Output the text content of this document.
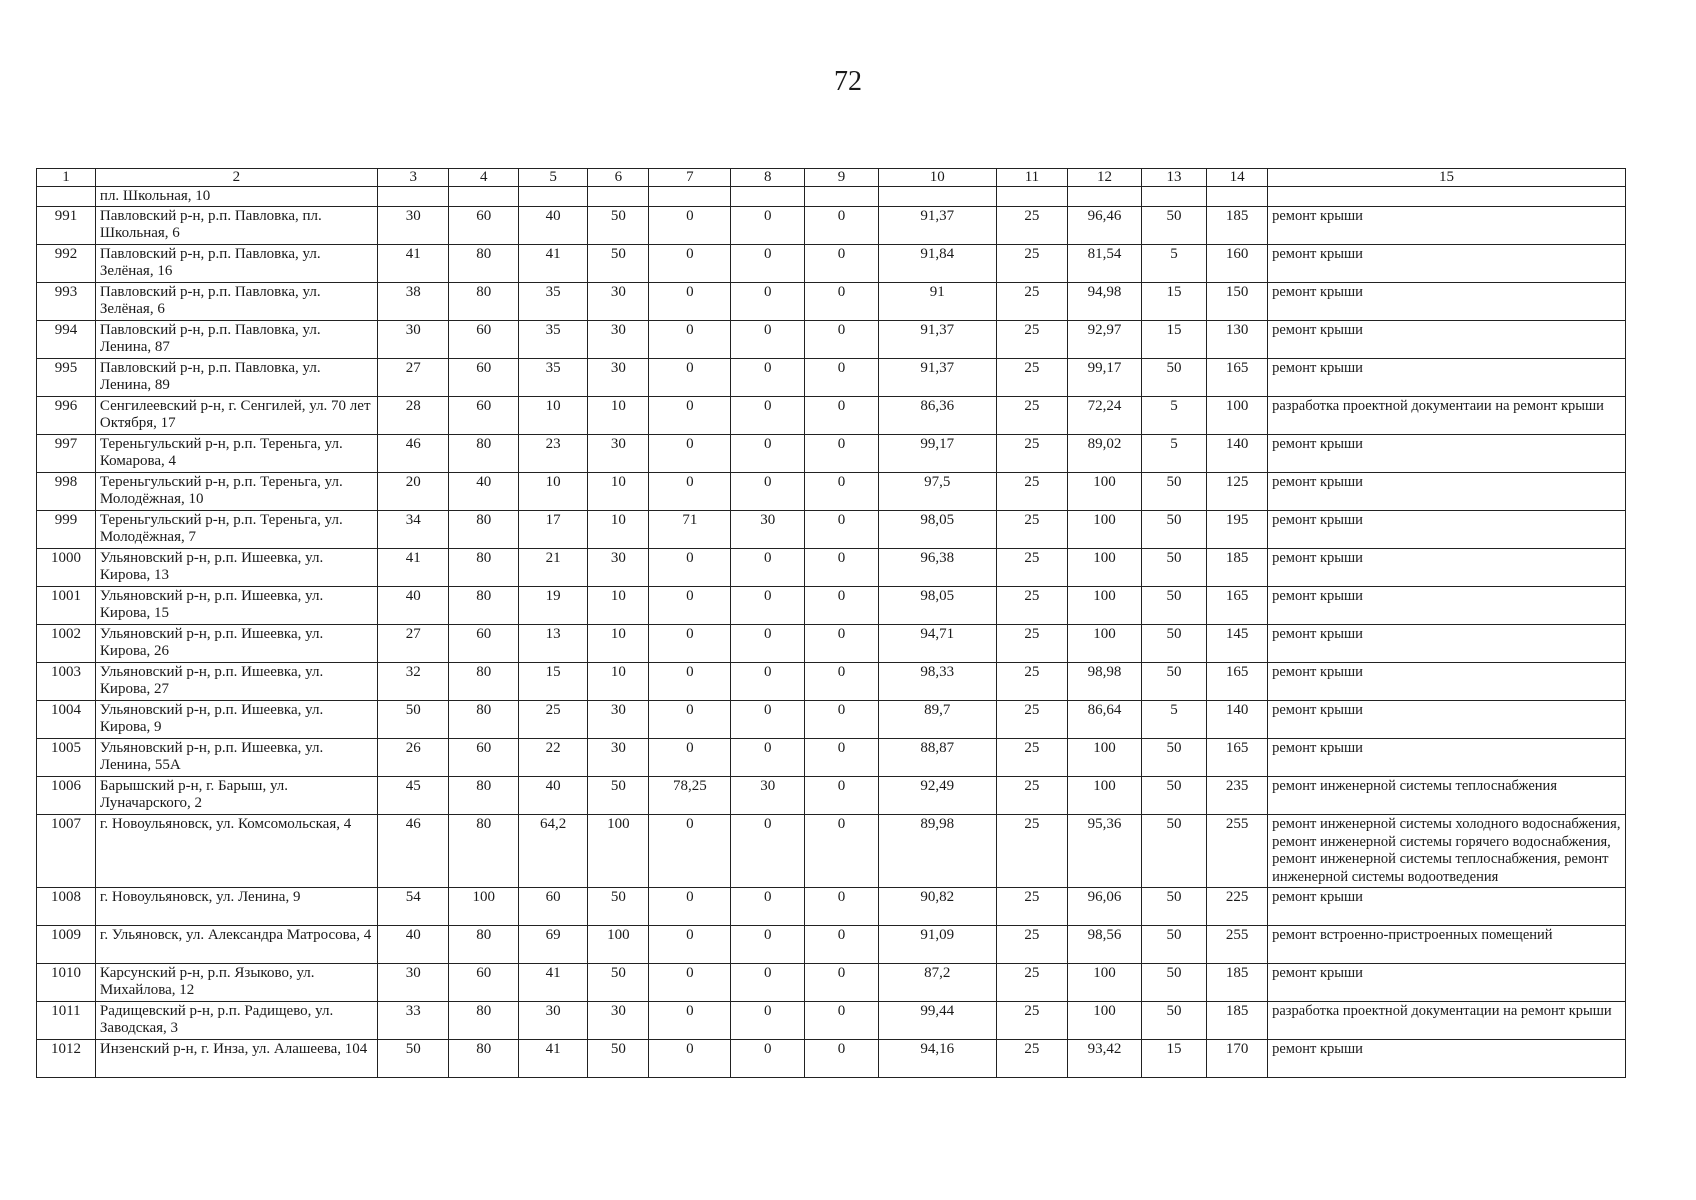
72
1	2	3	4	5	6	7	8	9	10	11	12	13	14	15
	пл. Школьная, 10													
991	Павловский р-н, р.п. Павловка, пл. Школьная, 6	30	60	40	50	0	0	0	91,37	25	96,46	50	185	ремонт крыши
992	Павловский р-н, р.п. Павловка, ул. Зелёная, 16	41	80	41	50	0	0	0	91,84	25	81,54	5	160	ремонт крыши
993	Павловский р-н, р.п. Павловка, ул. Зелёная, 6	38	80	35	30	0	0	0	91	25	94,98	15	150	ремонт крыши
994	Павловский р-н, р.п. Павловка, ул. Ленина, 87	30	60	35	30	0	0	0	91,37	25	92,97	15	130	ремонт крыши
995	Павловский р-н, р.п. Павловка, ул. Ленина, 89	27	60	35	30	0	0	0	91,37	25	99,17	50	165	ремонт крыши
996	Сенгилеевский р-н, г. Сенгилей, ул. 70 лет Октября, 17	28	60	10	10	0	0	0	86,36	25	72,24	5	100	разработка проектной документаии на ремонт крыши
997	Тереньгульский р-н, р.п. Тереньга, ул. Комарова, 4	46	80	23	30	0	0	0	99,17	25	89,02	5	140	ремонт крыши
998	Тереньгульский р-н, р.п. Тереньга, ул. Молодёжная, 10	20	40	10	10	0	0	0	97,5	25	100	50	125	ремонт крыши
999	Тереньгульский р-н, р.п. Тереньга, ул. Молодёжная, 7	34	80	17	10	71	30	0	98,05	25	100	50	195	ремонт крыши
1000	Ульяновский р-н, р.п. Ишеевка, ул. Кирова, 13	41	80	21	30	0	0	0	96,38	25	100	50	185	ремонт крыши
1001	Ульяновский р-н, р.п. Ишеевка, ул. Кирова, 15	40	80	19	10	0	0	0	98,05	25	100	50	165	ремонт крыши
1002	Ульяновский р-н, р.п. Ишеевка, ул. Кирова, 26	27	60	13	10	0	0	0	94,71	25	100	50	145	ремонт крыши
1003	Ульяновский р-н, р.п. Ишеевка, ул. Кирова, 27	32	80	15	10	0	0	0	98,33	25	98,98	50	165	ремонт крыши
1004	Ульяновский р-н, р.п. Ишеевка, ул. Кирова, 9	50	80	25	30	0	0	0	89,7	25	86,64	5	140	ремонт крыши
1005	Ульяновский р-н, р.п. Ишеевка, ул. Ленина, 55А	26	60	22	30	0	0	0	88,87	25	100	50	165	ремонт крыши
1006	Барышский р-н, г. Барыш, ул. Луначарского, 2	45	80	40	50	78,25	30	0	92,49	25	100	50	235	ремонт инженерной системы теплоснабжения
1007	г. Новоульяновск, ул. Комсомольская, 4	46	80	64,2	100	0	0	0	89,98	25	95,36	50	255	ремонт инженерной системы холодного водоснабжения, ремонт инженерной системы горячего водоснабжения, ремонт инженерной системы теплоснабжения, ремонт инженерной системы водоотведения
1008	г. Новоульяновск, ул. Ленина, 9	54	100	60	50	0	0	0	90,82	25	96,06	50	225	ремонт крыши
1009	г. Ульяновск, ул. Александра Матросова, 4	40	80	69	100	0	0	0	91,09	25	98,56	50	255	ремонт встроенно-пристроенных помещений
1010	Карсунский р-н, р.п. Языково, ул. Михайлова, 12	30	60	41	50	0	0	0	87,2	25	100	50	185	ремонт крыши
1011	Радищевский р-н, р.п. Радищево, ул. Заводская, 3	33	80	30	30	0	0	0	99,44	25	100	50	185	разработка проектной документации на ремонт крыши
1012	Инзенский р-н, г. Инза, ул. Алашеева, 104	50	80	41	50	0	0	0	94,16	25	93,42	15	170	ремонт крыши
